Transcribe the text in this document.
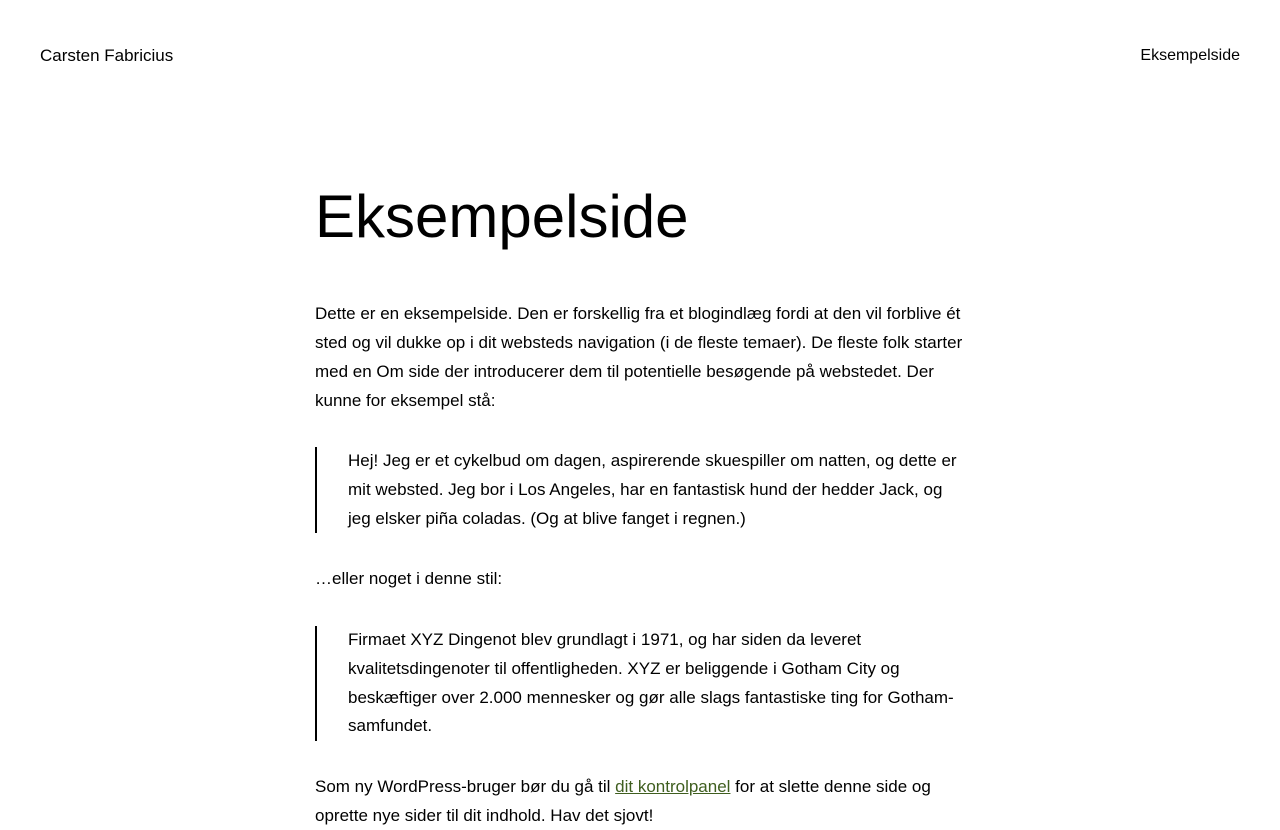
Carsten Fabricius	Eksempelside
Eksempelside

Dette er en eksempelside. Den er forskellig fra et blogindlæg fordi at den vil forblive ét sted og vil dukke op i dit websteds navigation (i de fleste temaer). De fleste folk starter med en Om side der introducerer dem til potentielle besøgende på webstedet. Der kunne for eksempel stå:

Hej! Jeg er et cykelbud om dagen, aspirerende skuespiller om natten, og dette er mit websted. Jeg bor i Los Angeles, har en fantastisk hund der hedder Jack, og jeg elsker piña coladas. (Og at blive fanget i regnen.)

…eller noget i denne stil:

Firmaet XYZ Dingenot blev grundlagt i 1971, og har siden da leveret kvalitetsdingenoter til offentligheden. XYZ er beliggende i Gotham City og beskæftiger over 2.000 mennesker og gør alle slags fantastiske ting for Gotham-samfundet.

Som ny WordPress-bruger bør du gå til dit kontrolpanel for at slette denne side og oprette nye sider til dit indhold. Hav det sjovt!
